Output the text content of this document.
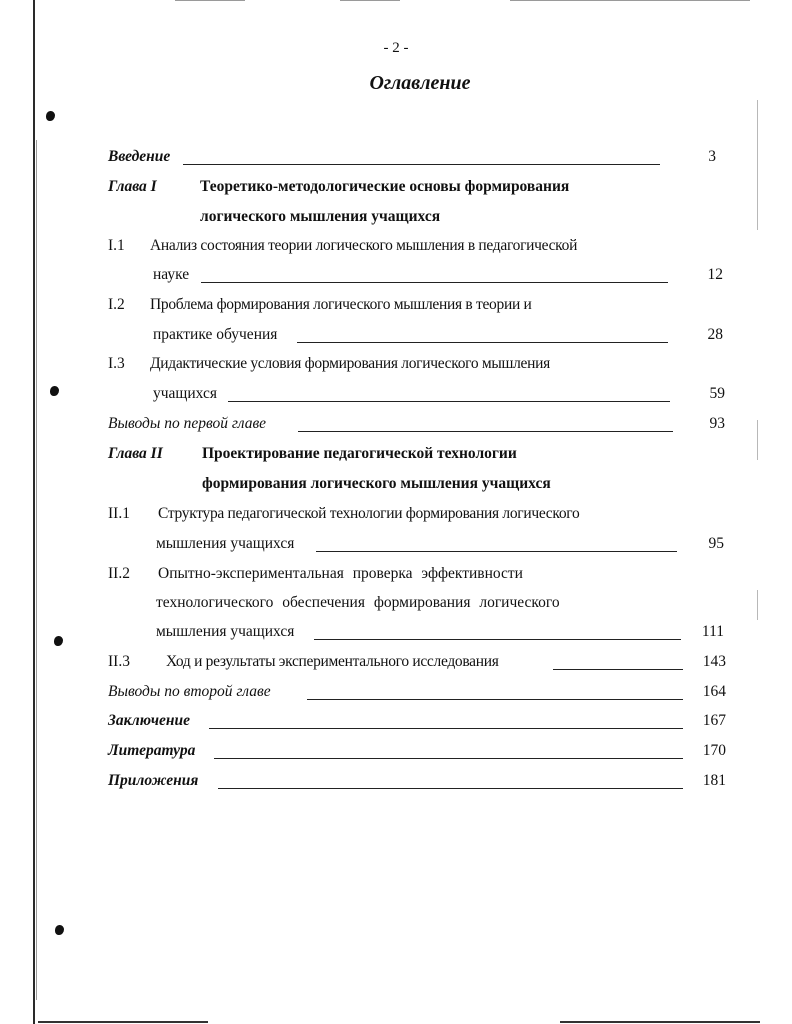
- 2 -
Оглавление
Введение	3
Глава I	Теоретико-методологические основы формирования
логического мышления учащихся
I.1 Анализ состояния теории логического мышления в педагогической
науке	12
I.2 Проблема формирования логического мышления в теории и
практике обучения	28
I.3 Дидактические условия формирования логического мышления
учащихся	59
Выводы по первой главе	93
Глава II	Проектирование педагогической технологии
формирования логического мышления учащихся
II.1 Структура педагогической технологии формирования логического
мышления учащихся	95
II.2 Опытно-экспериментальная проверка эффективности
технологического обеспечения формирования логического
мышления учащихся	111
II.3 Ход и результаты экспериментального исследования	143
Выводы по второй главе	164
Заключение	167
Литература	170
Приложения	181
